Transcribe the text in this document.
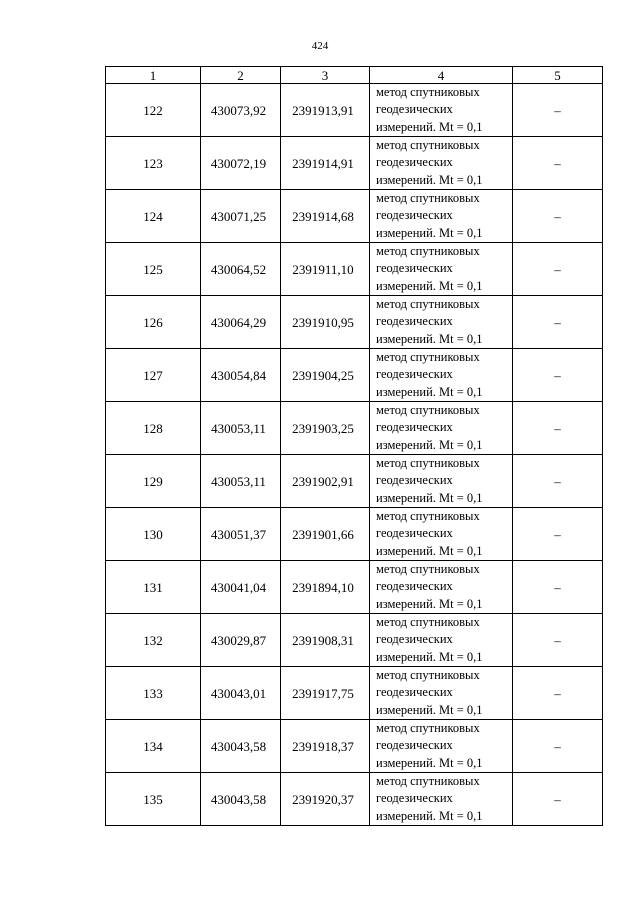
424
1	2	3	4	5
122	430073,92	2391913,91	метод спутниковых
геодезических
измерений. Mt = 0,1	–
123	430072,19	2391914,91	метод спутниковых
геодезических
измерений. Mt = 0,1	–
124	430071,25	2391914,68	метод спутниковых
геодезических
измерений. Mt = 0,1	–
125	430064,52	2391911,10	метод спутниковых
геодезических
измерений. Mt = 0,1	–
126	430064,29	2391910,95	метод спутниковых
геодезических
измерений. Mt = 0,1	–
127	430054,84	2391904,25	метод спутниковых
геодезических
измерений. Mt = 0,1	–
128	430053,11	2391903,25	метод спутниковых
геодезических
измерений. Mt = 0,1	–
129	430053,11	2391902,91	метод спутниковых
геодезических
измерений. Mt = 0,1	–
130	430051,37	2391901,66	метод спутниковых
геодезических
измерений. Mt = 0,1	–
131	430041,04	2391894,10	метод спутниковых
геодезических
измерений. Mt = 0,1	–
132	430029,87	2391908,31	метод спутниковых
геодезических
измерений. Mt = 0,1	–
133	430043,01	2391917,75	метод спутниковых
геодезических
измерений. Mt = 0,1	–
134	430043,58	2391918,37	метод спутниковых
геодезических
измерений. Mt = 0,1	–
135	430043,58	2391920,37	метод спутниковых
геодезических
измерений. Mt = 0,1	–
